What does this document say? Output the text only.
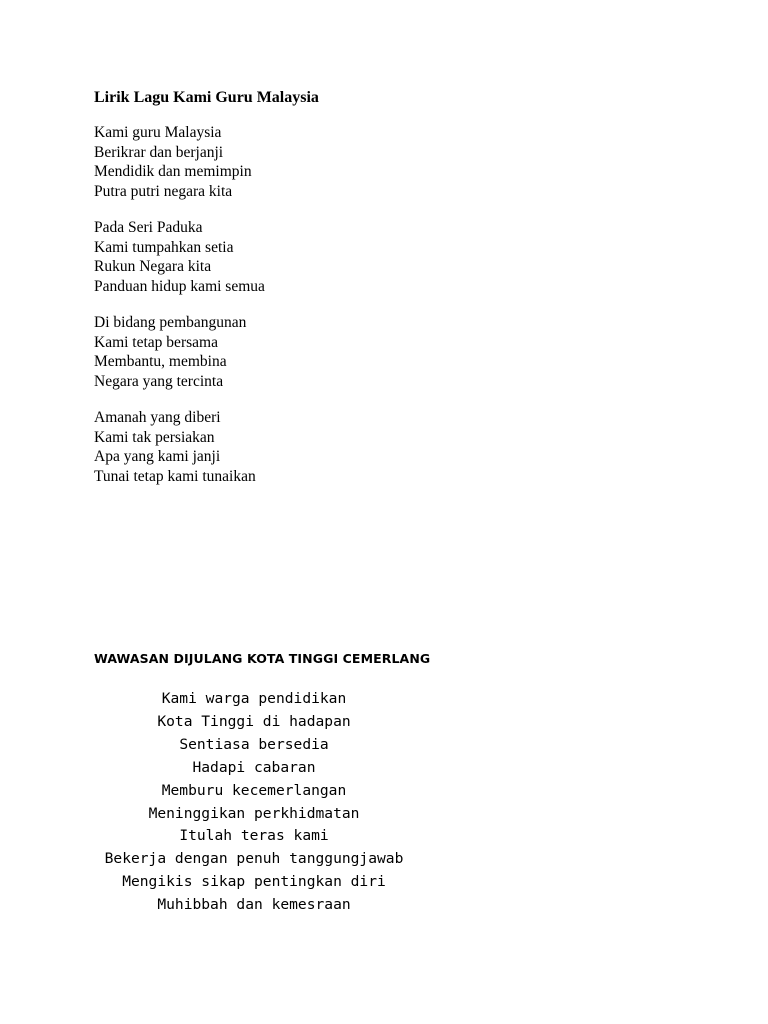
Lirik Lagu Kami Guru Malaysia
Kami guru Malaysia
Berikrar dan berjanji
Mendidik dan memimpin
Putra putri negara kita
Pada Seri Paduka
Kami tumpahkan setia
Rukun Negara kita
Panduan hidup kami semua
Di bidang pembangunan
Kami tetap bersama
Membantu, membina
Negara yang tercinta
Amanah yang diberi
Kami tak persiakan
Apa yang kami janji
Tunai tetap kami tunaikan
WAWASAN DIJULANG KOTA TINGGI CEMERLANG
Kami warga pendidikan
Kota Tinggi di hadapan
Sentiasa bersedia
Hadapi cabaran
Memburu kecemerlangan
Meninggikan perkhidmatan
Itulah teras kami
Bekerja dengan penuh tanggungjawab
Mengikis sikap pentingkan diri
Muhibbah dan kemesraan
